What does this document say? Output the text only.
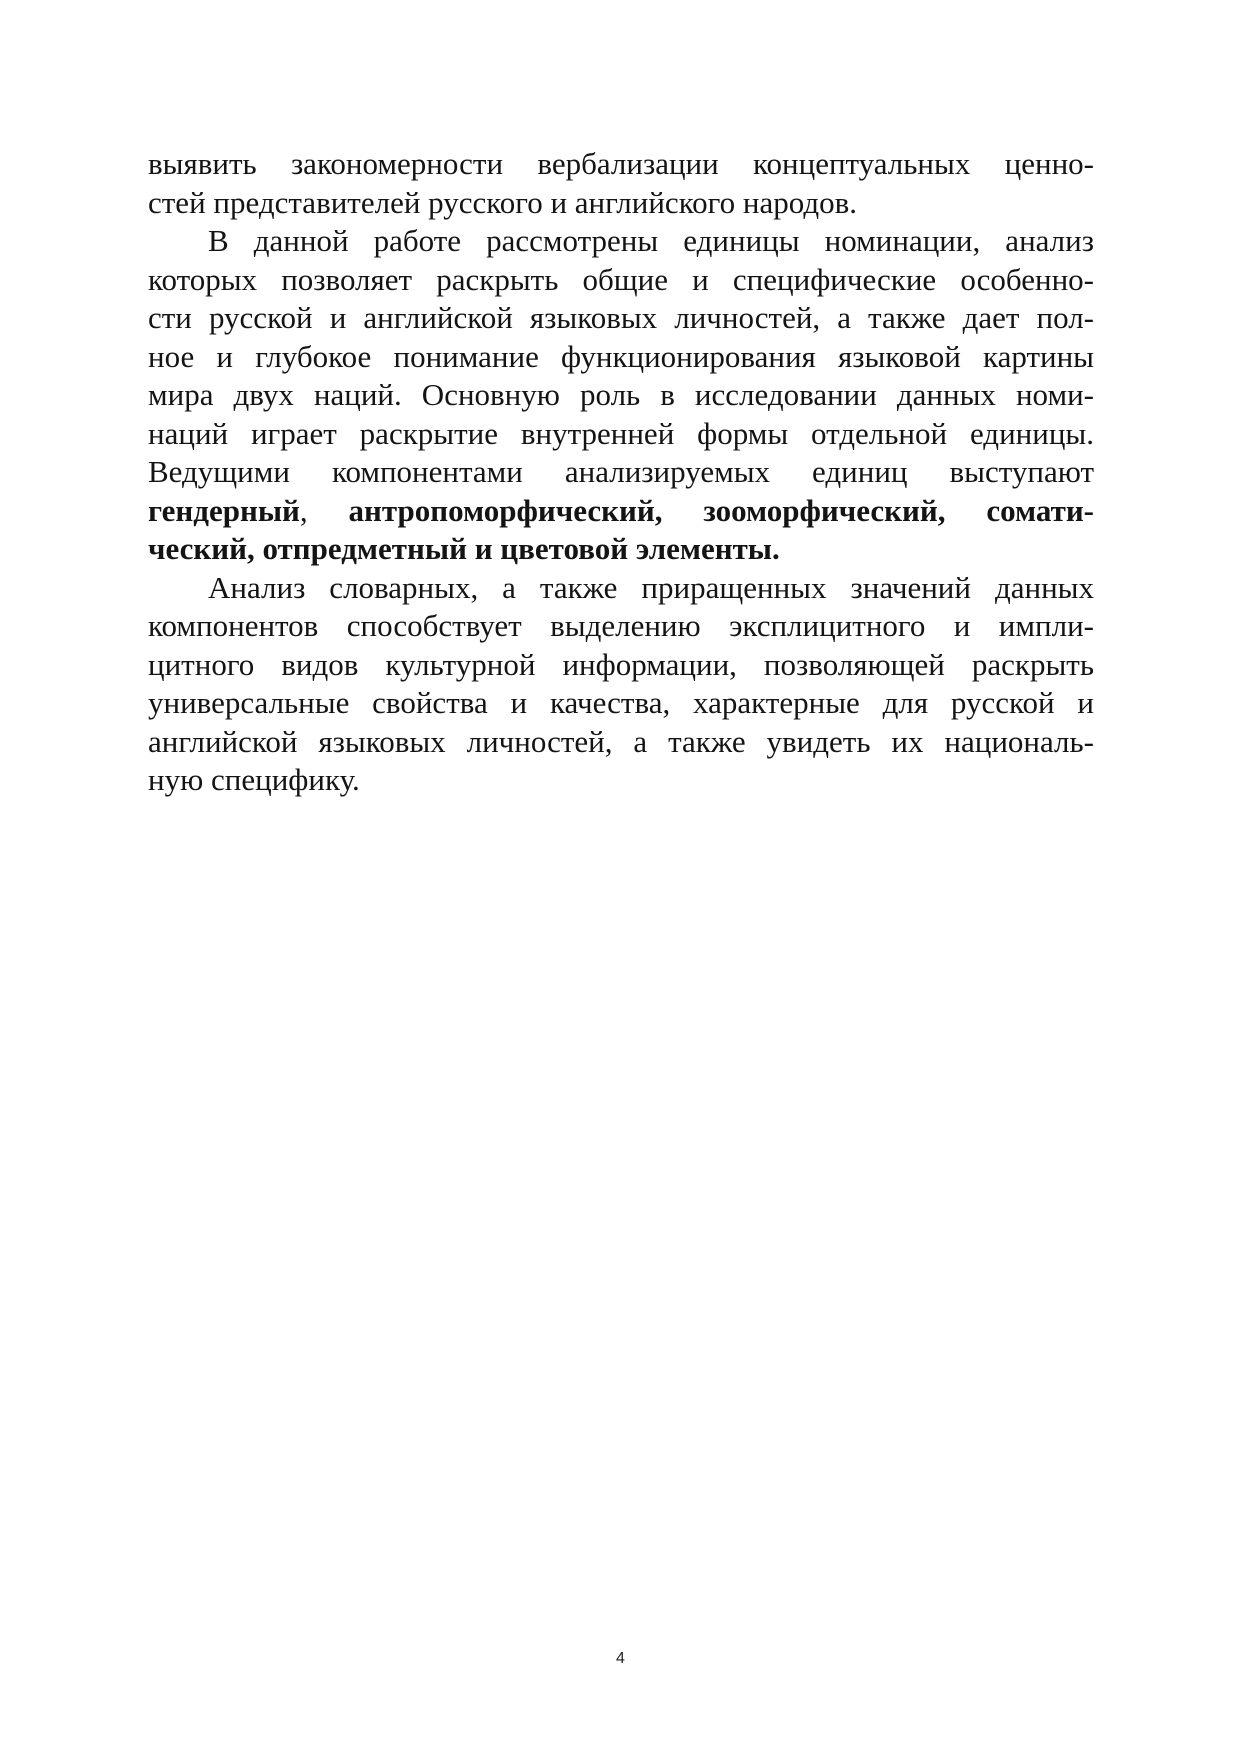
выявить закономерности вербализации концептуальных ценно-
стей представителей русского и английского народов.
В данной работе рассмотрены единицы номинации, анализ
которых позволяет раскрыть общие и специфические особенно-
сти русской и английской языковых личностей, а также дает пол-
ное и глубокое понимание функционирования языковой картины
мира двух наций. Основную роль в исследовании данных номи-
наций играет раскрытие внутренней формы отдельной единицы.
Ведущими компонентами анализируемых единиц выступают
гендерный, антропоморфический, зооморфический, сомати-
ческий, отпредметный и цветовой элементы.
Анализ словарных, а также приращенных значений данных
компонентов способствует выделению эксплицитного и импли-
цитного видов культурной информации, позволяющей раскрыть
универсальные свойства и качества, характерные для русской и
английской языковых личностей, а также увидеть их националь-
ную специфику.
4
